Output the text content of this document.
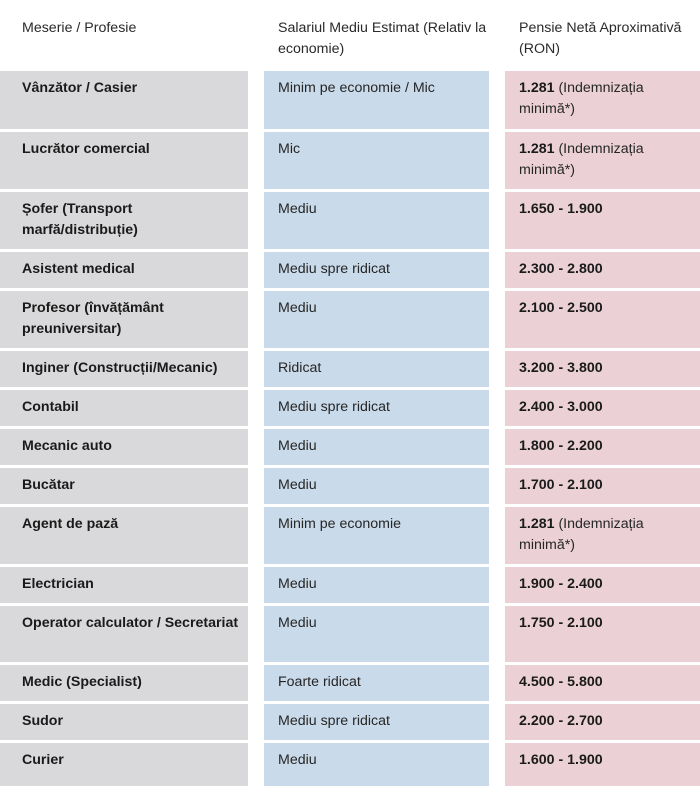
Meserie / Profesie	Salariul Mediu Estimat (Relativ la economie)	Pensie Netă Aproximativă (RON)
Vânzător / Casier	Minim pe economie / Mic	1.281 (Indemnizația minimă*)
Lucrător comercial	Mic	1.281 (Indemnizația minimă*)
Șofer (Transport marfă/distribuție)	Mediu	1.650 - 1.900
Asistent medical	Mediu spre ridicat	2.300 - 2.800
Profesor (învățământ preuniversitar)	Mediu	2.100 - 2.500
Inginer (Construcții/Mecanic)	Ridicat	3.200 - 3.800
Contabil	Mediu spre ridicat	2.400 - 3.000
Mecanic auto	Mediu	1.800 - 2.200
Bucătar	Mediu	1.700 - 2.100
Agent de pază	Minim pe economie	1.281 (Indemnizația minimă*)
Electrician	Mediu	1.900 - 2.400
Operator calculator / Secretariat	Mediu	1.750 - 2.100
Medic (Specialist)	Foarte ridicat	4.500 - 5.800
Sudor	Mediu spre ridicat	2.200 - 2.700
Curier	Mediu	1.600 - 1.900
